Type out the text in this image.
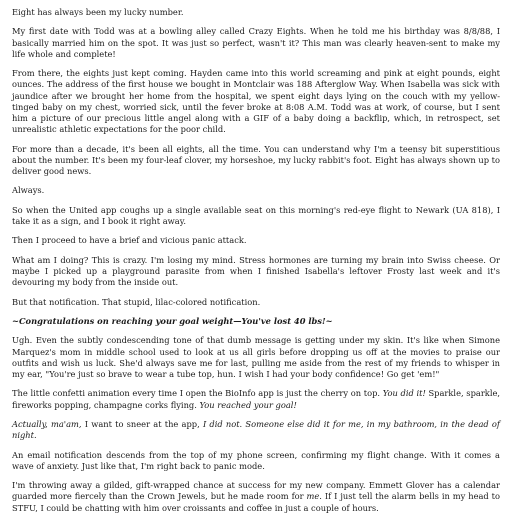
Eight has always been my lucky number.

My first date with Todd was at a bowling alley called Crazy Eights. When he told me his birthday was 8/8/88, I basically married him on the spot. It was just so perfect, wasn't it? This man was clearly heaven-sent to make my life whole and complete!

From there, the eights just kept coming. Hayden came into this world screaming and pink at eight pounds, eight ounces. The address of the first house we bought in Montclair was 188 Afterglow Way. When Isabella was sick with jaundice after we brought her home from the hospital, we spent eight days lying on the couch with my yellow-tinged baby on my chest, worried sick, until the fever broke at 8:08 A.M. Todd was at work, of course, but I sent him a picture of our precious little angel along with a GIF of a baby doing a backflip, which, in retrospect, set unrealistic athletic expectations for the poor child.

For more than a decade, it's been all eights, all the time. You can understand why I'm a teensy bit superstitious about the number. It's been my four-leaf clover, my horseshoe, my lucky rabbit's foot. Eight has always shown up to deliver good news.

Always.

So when the United app coughs up a single available seat on this morning's red-eye flight to Newark (UA 818), I take it as a sign, and I book it right away.

Then I proceed to have a brief and vicious panic attack.

What am I doing? This is crazy. I'm losing my mind. Stress hormones are turning my brain into Swiss cheese. Or maybe I picked up a playground parasite from when I finished Isabella's leftover Frosty last week and it's devouring my body from the inside out.

But that notification. That stupid, lilac-colored notification.

~Congratulations on reaching your goal weight—You've lost 40 lbs!~

Ugh. Even the subtly condescending tone of that dumb message is getting under my skin. It's like when Simone Marquez's mom in middle school used to look at us all girls before dropping us off at the movies to praise our outfits and wish us luck. She'd always save me for last, pulling me aside from the rest of my friends to whisper in my ear, "You're just so brave to wear a tube top, hun. I wish I had your body confidence! Go get 'em!"

The little confetti animation every time I open the BioInfo app is just the cherry on top. You did it! Sparkle, sparkle, fireworks popping, champagne corks flying. You reached your goal!

Actually, ma'am, I want to sneer at the app, I did not. Someone else did it for me, in my bathroom, in the dead of night.

An email notification descends from the top of my phone screen, confirming my flight change. With it comes a wave of anxiety. Just like that, I'm right back to panic mode.

I'm throwing away a gilded, gift-wrapped chance at success for my new company. Emmett Glover has a calendar guarded more fiercely than the Crown Jewels, but he made room for me. If I just tell the alarm bells in my head to STFU, I could be chatting with him over croissants and coffee in just a couple of hours.
